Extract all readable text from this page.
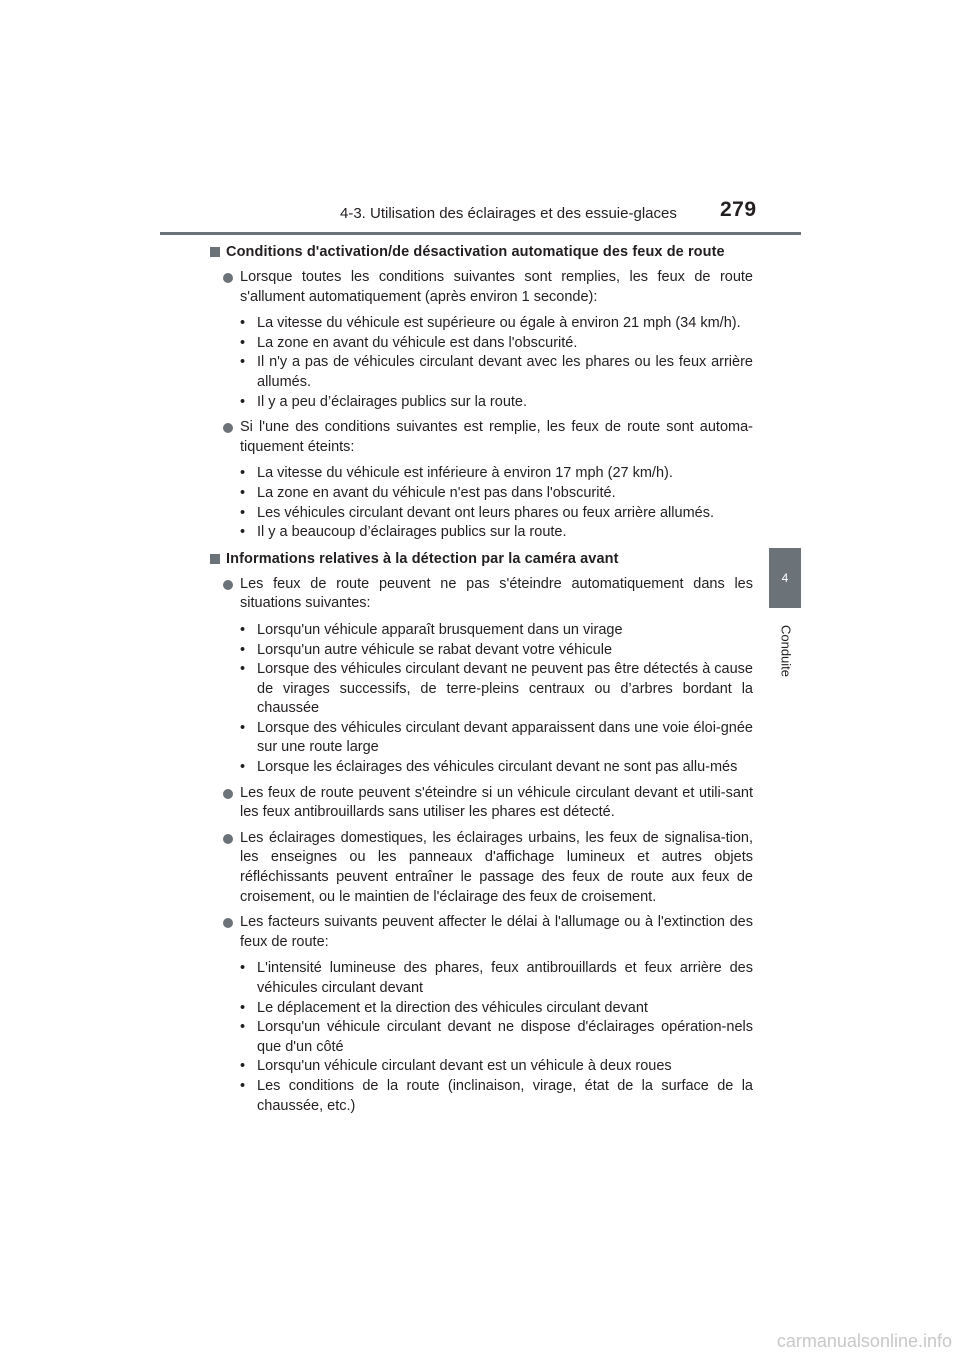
4-3. Utilisation des éclairages et des essuie-glaces 279
4
Conduite
Conditions d'activation/de désactivation automatique des feux de route
Lorsque toutes les conditions suivantes sont remplies, les feux de route s'allument automatiquement (après environ 1 seconde):
• La vitesse du véhicule est supérieure ou égale à environ 21 mph (34 km/h).
• La zone en avant du véhicule est dans l'obscurité.
• Il n'y a pas de véhicules circulant devant avec les phares ou les feux arrière allumés.
• Il y a peu d’éclairages publics sur la route.
Si l'une des conditions suivantes est remplie, les feux de route sont automa-tiquement éteints:
• La vitesse du véhicule est inférieure à environ 17 mph (27 km/h).
• La zone en avant du véhicule n'est pas dans l'obscurité.
• Les véhicules circulant devant ont leurs phares ou feux arrière allumés.
• Il y a beaucoup d’éclairages publics sur la route.
Informations relatives à la détection par la caméra avant
Les feux de route peuvent ne pas s'éteindre automatiquement dans les situations suivantes:
• Lorsqu'un véhicule apparaît brusquement dans un virage
• Lorsqu'un autre véhicule se rabat devant votre véhicule
• Lorsque des véhicules circulant devant ne peuvent pas être détectés à cause de virages successifs, de terre-pleins centraux ou d’arbres bordant la chaussée
• Lorsque des véhicules circulant devant apparaissent dans une voie éloi-gnée sur une route large
• Lorsque les éclairages des véhicules circulant devant ne sont pas allu-més
Les feux de route peuvent s'éteindre si un véhicule circulant devant et utili-sant les feux antibrouillards sans utiliser les phares est détecté.
Les éclairages domestiques, les éclairages urbains, les feux de signalisa-tion, les enseignes ou les panneaux d'affichage lumineux et autres objets réfléchissants peuvent entraîner le passage des feux de route aux feux de croisement, ou le maintien de l'éclairage des feux de croisement.
Les facteurs suivants peuvent affecter le délai à l'allumage ou à l'extinction des feux de route:
• L'intensité lumineuse des phares, feux antibrouillards et feux arrière des véhicules circulant devant
• Le déplacement et la direction des véhicules circulant devant
• Lorsqu'un véhicule circulant devant ne dispose d'éclairages opération-nels que d'un côté
• Lorsqu'un véhicule circulant devant est un véhicule à deux roues
• Les conditions de la route (inclinaison, virage, état de la surface de la chaussée, etc.)
carmanualsonline.info
